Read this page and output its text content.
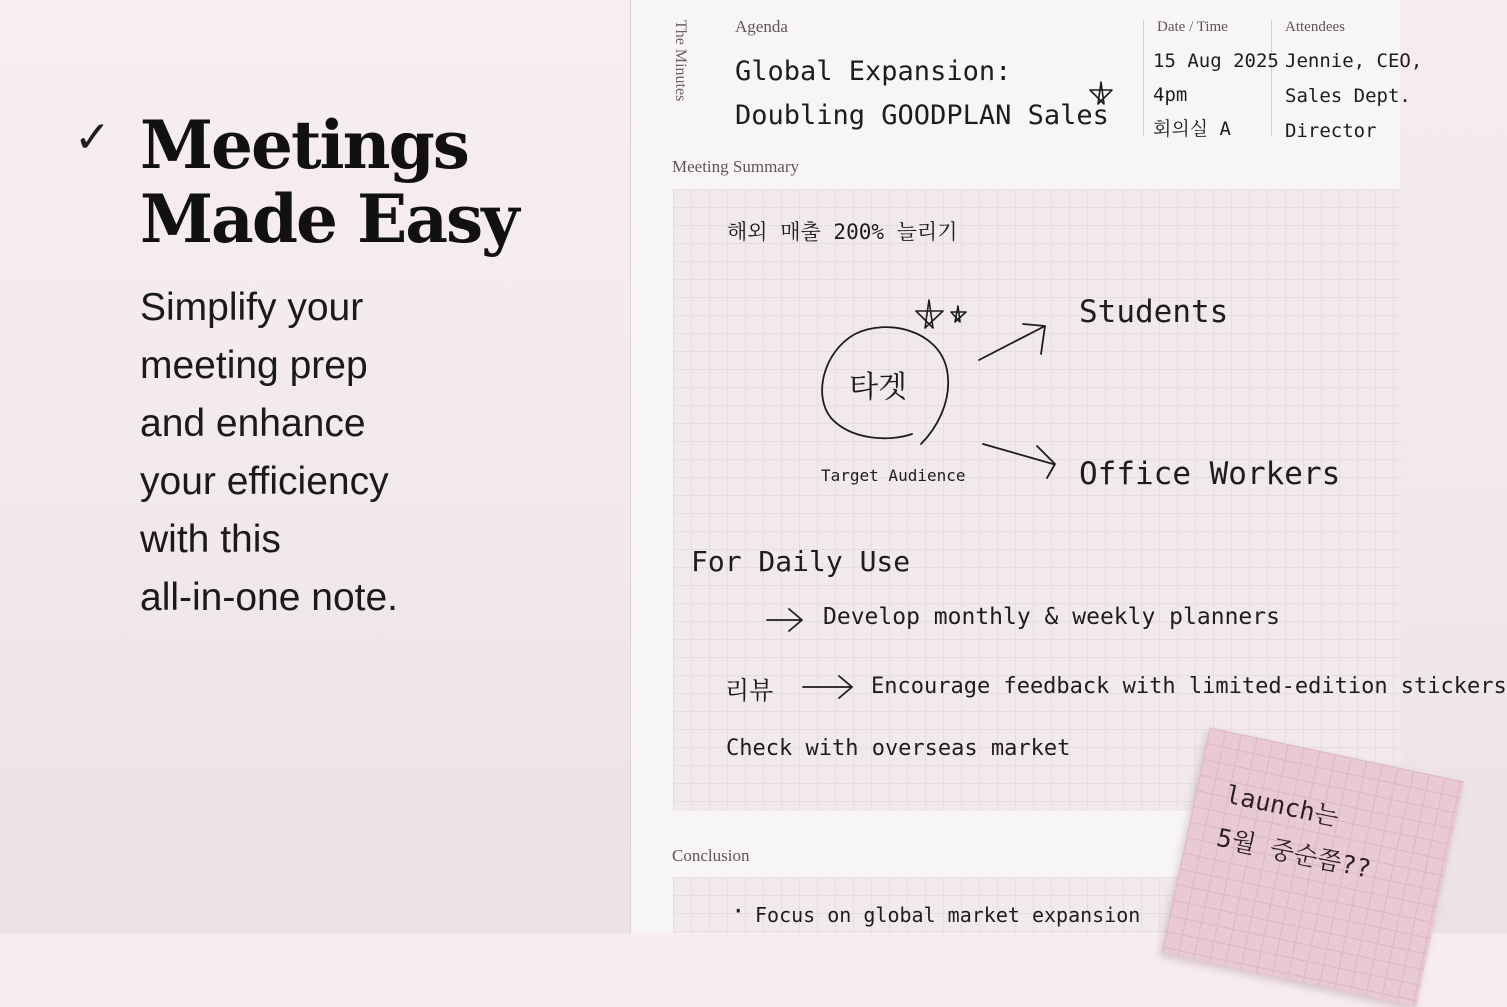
✓ Meetings
Made Easy

Simplify your
meeting prep
and enhance
your efficiency
with this
all-in-one note.

The Minutes	Agenda
Global Expansion:
Doubling GOODPLAN Sales
Date / Time
15 Aug 2025
4pm
회의실 A
Attendees
Jennie, CEO,
Sales Dept.
Director
Meeting Summary
해외 매출 200% 늘리기
타겟
Target Audience
Students
Office Workers
For Daily Use
Develop monthly & weekly planners
리뷰	Encourage feedback with limited-edition stickers
Check with overseas market
Conclusion
· Focus on global market expansion
launch는
5월 중순쯤??
